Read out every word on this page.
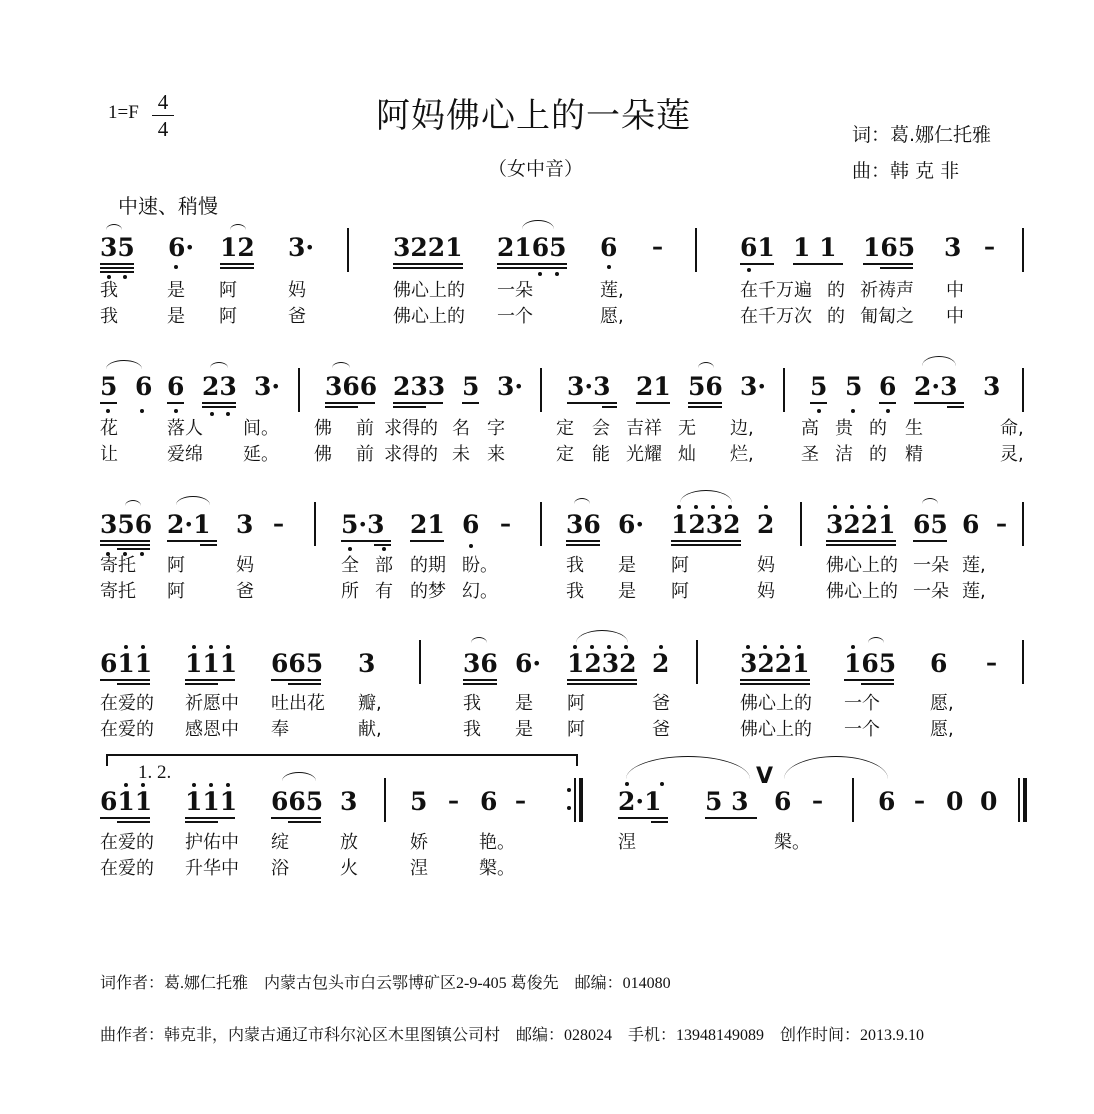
1=F 4
4	阿妈佛心上的一朵莲
（女中音）
词：葛.娜仁托雅
曲：韩 克 非
中速、稍慢
35 6· 12 3·	3221 2165 6 –	61 1 1 165 3 –
我	是 阿	妈	佛心上的 一朵	莲,	在千万遍 的 祈祷声 中
我	是 阿	爸	佛心上的 一个	愿,	在千万次 的 匍匐之 中
5 6 6 23 3· 366 233 5 3· 3·3 21 56 3· 5 5 6 2·3 3
花	落人 间。 佛 前 求得的 名 字	定 会 吉祥 无 边,	高 贵 的 生	命,
让	爱绵 延。 佛 前 求得的 未 来	定 能 光耀 灿 烂,	圣 洁 的 精	灵,
356 2·1 3 – 5·3 21 6 – 36 6· 1232 2 3221 65 6 –
寄托 阿	妈	全 部 的期 盼。	我 是 阿	妈	佛心上的 一朵 莲,
寄托 阿	爸	所 有 的梦 幻。	我 是 阿	妈	佛心上的 一朵 莲,
611 111 665 3	36 6· 1232 2	3221 165 6 –
在爱的 祈愿中 吐出花 瓣,	我 是 阿	爸	佛心上的 一个	愿,
在爱的 感恩中 奉	献,	我 是 阿	爸	佛心上的 一个	愿,
1. 2.
611 111 665 3 5 – 6 –	2·1 5 3 6 –
V
6 – 0 0
在爱的 护佑中 绽	放	娇	艳。	涅	槃。
在爱的 升华中 浴	火	涅	槃。
词作者：葛.娜仁托雅　内蒙古包头市白云鄂博矿区2-9-405 葛俊先　邮编：014080
曲作者：韩克非，内蒙古通辽市科尔沁区木里图镇公司村　邮编：028024　手机：13948149089　创作时间：2013.9.10
